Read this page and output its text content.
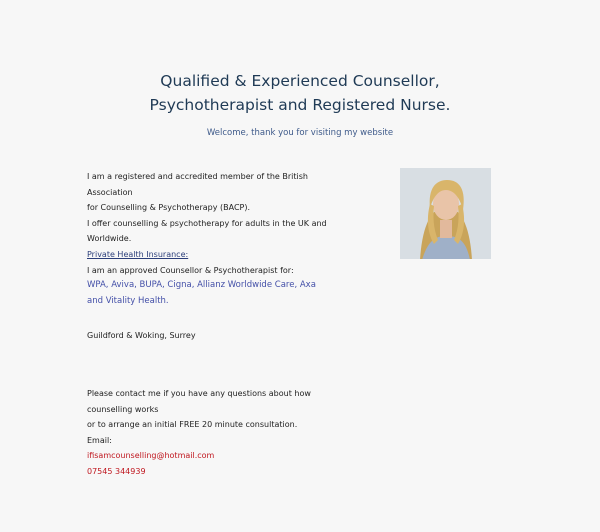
Qualified & Experienced Counsellor,
Psychotherapist and Registered Nurse.
Welcome, thank you for visiting my website
I am a registered and accredited member of the British Association
for Counselling & Psychotherapy (BACP).
I offer counselling & psychotherapy for adults in the UK and
Worldwide.
Private Health Insurance:
I am an approved Counsellor & Psychotherapist for:
WPA, Aviva, BUPA, Cigna, Allianz Worldwide Care, Axa
and Vitality Health.
Guildford & Woking, Surrey
Please contact me if you have any questions about how counselling works
or to arrange an initial FREE 20 minute consultation.
Email:
ifisamcounselling@hotmail.com
07545 344939
